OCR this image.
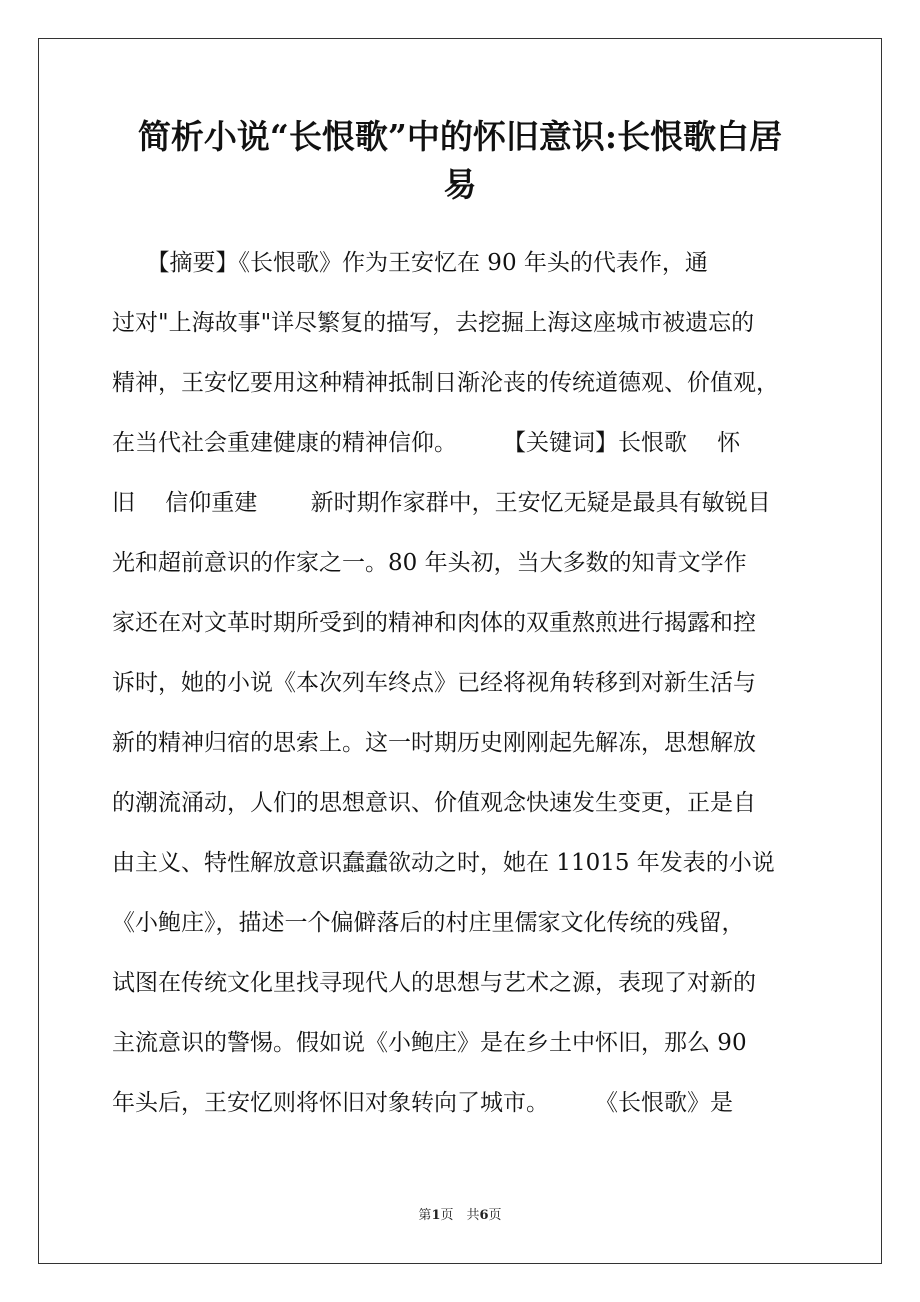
简析小说“长恨歌”中的怀旧意识:长恨歌白居
易
　　【摘要】《长恨歌》作为王安忆在 90 年头的代表作，通
过对"上海故事"详尽繁复的描写，去挖掘上海这座城市被遗忘的
精神，王安忆要用这种精神抵制日渐沦丧的传统道德观、价值观，
在当代社会重建健康的精神信仰。　　　【关键词】长恨歌　 怀
旧　 信仰重建　　 新时期作家群中，王安忆无疑是最具有敏锐目
光和超前意识的作家之一。80 年头初，当大多数的知青文学作
家还在对文革时期所受到的精神和肉体的双重熬煎进行揭露和控
诉时，她的小说《本次列车终点》已经将视角转移到对新生活与
新的精神归宿的思索上。这一时期历史刚刚起先解冻，思想解放
的潮流涌动，人们的思想意识、价值观念快速发生变更，正是自
由主义、特性解放意识蠢蠢欲动之时，她在 11015 年发表的小说
《小鲍庄》，描述一个偏僻落后的村庄里儒家文化传统的残留，
试图在传统文化里找寻现代人的思想与艺术之源，表现了对新的
主流意识的警惕。假如说《小鲍庄》是在乡土中怀旧，那么 90
年头后，王安忆则将怀旧对象转向了城市。　　　《长恨歌》是
第1页　共6页
